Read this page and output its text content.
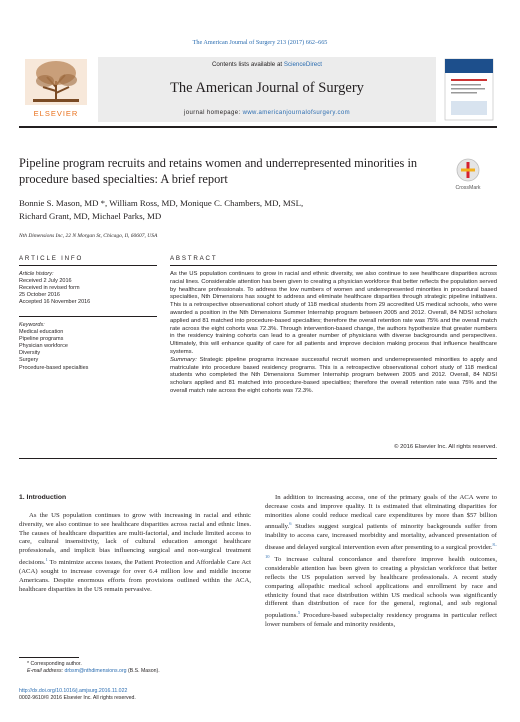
The American Journal of Surgery 213 (2017) 662–665
ELSEVIER
Contents lists available at ScienceDirect
The American Journal of Surgery
journal homepage: www.americanjournalofsurgery.com
Pipeline program recruits and retains women and underrepresented minorities in procedure based specialties: A brief report
CrossMark
Bonnie S. Mason, MD *, William Ross, MD, Monique C. Chambers, MD, MSL,
Richard Grant, MD, Michael Parks, MD
Nth Dimensions Inc, 22 N Morgan St, Chicago, Il, 60607, USA
ARTICLE INFO
Article history:
Received 2 July 2016
Received in revised form
25 October 2016
Accepted 16 November 2016
Keywords:
Medical education
Pipeline programs
Physician workforce
Diversity
Surgery
Procedure-based specialties
ABSTRACT
As the US population continues to grow in racial and ethnic diversity, we also continue to see healthcare disparities across racial lines. Considerable attention has been given to creating a physician workforce that better reflects the population served by healthcare professionals. To address the low numbers of women and underrepresented minorities in procedural based specialties, Nth Dimensions has sought to address and eliminate healthcare disparities through strategic pipeline initiatives. This is a retrospective observational cohort study of 118 medical students from 29 accredited US medical schools, who were awarded a position in the Nth Dimensions Summer Internship program between 2005 and 2012. Overall, 84 NDSI scholars applied and 81 matched into procedure-based specialties; therefore the overall retention rate was 75% and the overall match rate across the eight cohorts was 72.3%. Through intervention-based change, the authors hypothesize that greater numbers in the residency training cohorts can lead to a greater number of physicians with diverse backgrounds and perspectives. Ultimately, this will enhance quality of care for all patients and improve decision making process that influence healthcare systems.
Summary: Strategic pipeline programs increase successful recruit women and underrepresented minorities to apply and matriculate into procedure based residency programs. This is a retrospective observational cohort study of 118 medical students who completed the Nth Dimensions Summer Internship program between 2005 and 2012. Overall, 84 NDSI scholars applied and 81 matched into procedure-based specialties; therefore the overall retention rate was 75% and the overall match rate across the eight cohorts was 72.3%.
© 2016 Elsevier Inc. All rights reserved.
1. Introduction
As the US population continues to grow with increasing in racial and ethnic diversity, we also continue to see healthcare disparities across racial and ethnic lines. The causes of healthcare disparities are multi-factorial, and include limited access to care, cultural insensitivity, lack of cultural education amongst healthcare professionals, and implicit bias influencing surgical and non-surgical treatment decisions.$^1$ To minimize access issues, the Patient Protection and Affordable Care Act (ACA) sought to increase coverage for over 6.4 million low and middle income Americans. Despite enormous efforts from provisions outlined within the ACA, healthcare disparities in the US remain pervasive.
In addition to increasing access, one of the primary goals of the ACA were to decrease costs and improve quality. It is estimated that eliminating disparities for minorities alone could reduce medical care expenditures by more than $57 billion annually.$^6$ Studies suggest surgical patients of minority backgrounds suffer from inability to access care, increased morbidity and mortality, advanced presentation of disease and delayed surgical intervention even after presenting to a surgical provider.$^{8-10}$ To increase cultural concordance and therefore improve health outcomes, considerable attention has been given to creating a physician workforce that better reflects the US population served by healthcare professionals. A recent study comparing allopathic medical school applications and enrollment by race and ethnicity found that race distribution within US medical schools was significantly different than distribution of race for the general, regional, and sub regional populations.$^5$ Procedure-based subspecialty residency programs in particular reflect lower numbers of female and minority residents,
* Corresponding author.
E-mail address: drbsm@nthdimensions.org (B.S. Mason).
http://dx.doi.org/10.1016/j.amjsurg.2016.11.022
0002-9610/© 2016 Elsevier Inc. All rights reserved.
